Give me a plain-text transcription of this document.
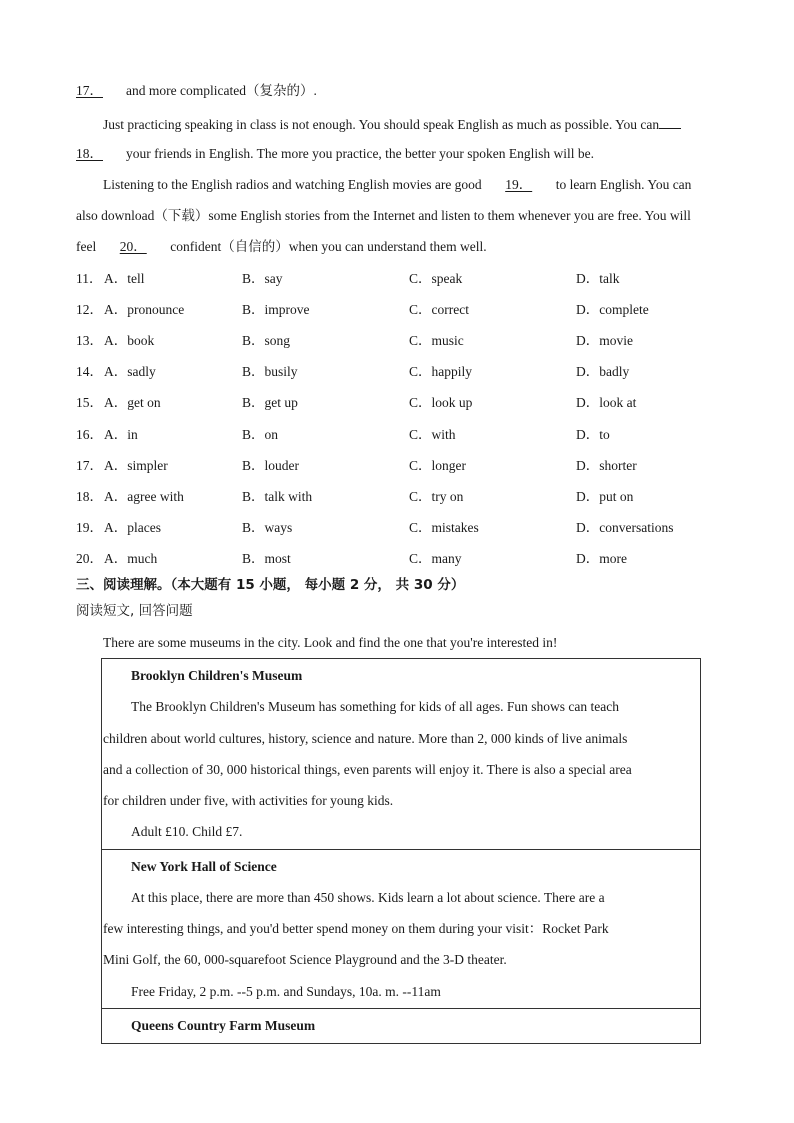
17． and more complicated（复杂的）.
Just practicing speaking in class is not enough. You should speak English as much as possible. You can
18． your friends in English. The more you practice, the better your spoken English will be.
Listening to the English radios and watching English movies are good 19． to learn English. You can
also download（下载）some English stories from the Internet and listen to them whenever you are free. You will
feel 20． confident（自信的）when you can understand them well.
11． A．tell	B．say	C．speak	D．talk
12． A．pronounce	B．improve	C．correct	D．complete
13． A．book	B．song	C．music	D．movie
14． A．sadly	B．busily	C．happily	D．badly
15． A．get on	B．get up	C．look up	D．look at
16． A．in	B．on	C．with	D．to
17． A．simpler	B．louder	C．longer	D．shorter
18． A．agree with	B．talk with	C．try on	D．put on
19． A．places	B．ways	C．mistakes	D．conversations
20． A．much	B．most	C．many	D．more
三、阅读理解。（本大题有 15 小题， 每小题 2 分， 共 30 分）
阅读短文, 回答问题
There are some museums in the city. Look and find the one that you're interested in!
Brooklyn Children's Museum
The Brooklyn Children's Museum has something for kids of all ages. Fun shows can teach
children about world cultures, history, science and nature. More than 2, 000 kinds of live animals
and a collection of 30, 000 historical things, even parents will enjoy it. There is also a special area
for children under five, with activities for young kids.
Adult £10. Child £7.
New York Hall of Science
At this place, there are more than 450 shows. Kids learn a lot about science. There are a
few interesting things, and you'd better spend money on them during your visit：Rocket Park
Mini Golf, the 60, 000-squarefoot Science Playground and the 3-D theater.
Free Friday, 2 p.m. --5 p.m. and Sundays, 10a. m. --11am
Queens Country Farm Museum
